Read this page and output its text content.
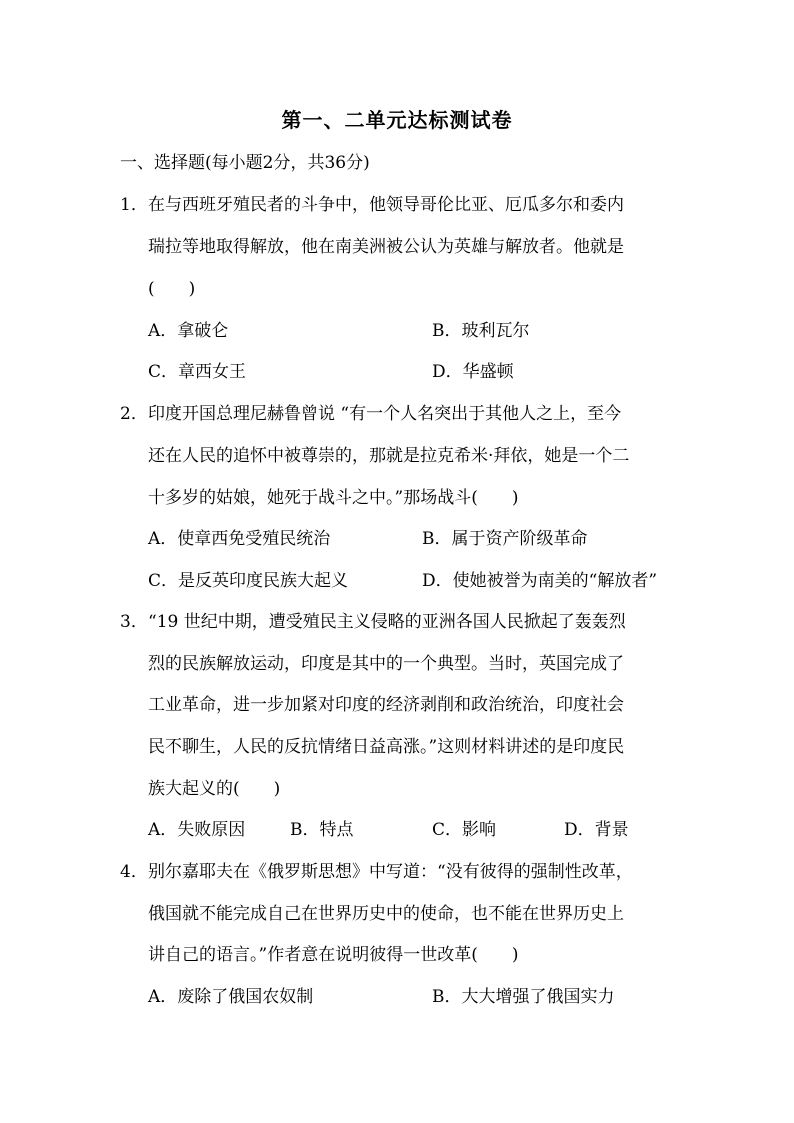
第一、二单元达标测试卷
一、选择题(每小题2分，共36分)
1． 在与西班牙殖民者的斗争中，他领导哥伦比亚、厄瓜多尔和委内
瑞拉等地取得解放，他在南美洲被公认为英雄与解放者。他就是
(　　)
A．拿破仑	B．玻利瓦尔
C．章西女王	D．华盛顿
2． 印度开国总理尼赫鲁曾说 “有一个人名突出于其他人之上，至今
还在人民的追怀中被尊崇的，那就是拉克希米·拜依，她是一个二
十多岁的姑娘，她死于战斗之中。”那场战斗(　　)
A．使章西免受殖民统治	B．属于资产阶级革命
C．是反英印度民族大起义	D．使她被誉为南美的“解放者”
3． “19 世纪中期，遭受殖民主义侵略的亚洲各国人民掀起了轰轰烈
烈的民族解放运动，印度是其中的一个典型。当时，英国完成了
工业革命，进一步加紧对印度的经济剥削和政治统治，印度社会
民不聊生，人民的反抗情绪日益高涨。”这则材料讲述的是印度民
族大起义的(　　)
A．失败原因	B．特点	C．影响	D．背景
4． 别尔嘉耶夫在《俄罗斯思想》中写道：“没有彼得的强制性改革，
俄国就不能完成自己在世界历史中的使命，也不能在世界历史上
讲自己的语言。”作者意在说明彼得一世改革(　　)
A．废除了俄国农奴制	B．大大增强了俄国实力
